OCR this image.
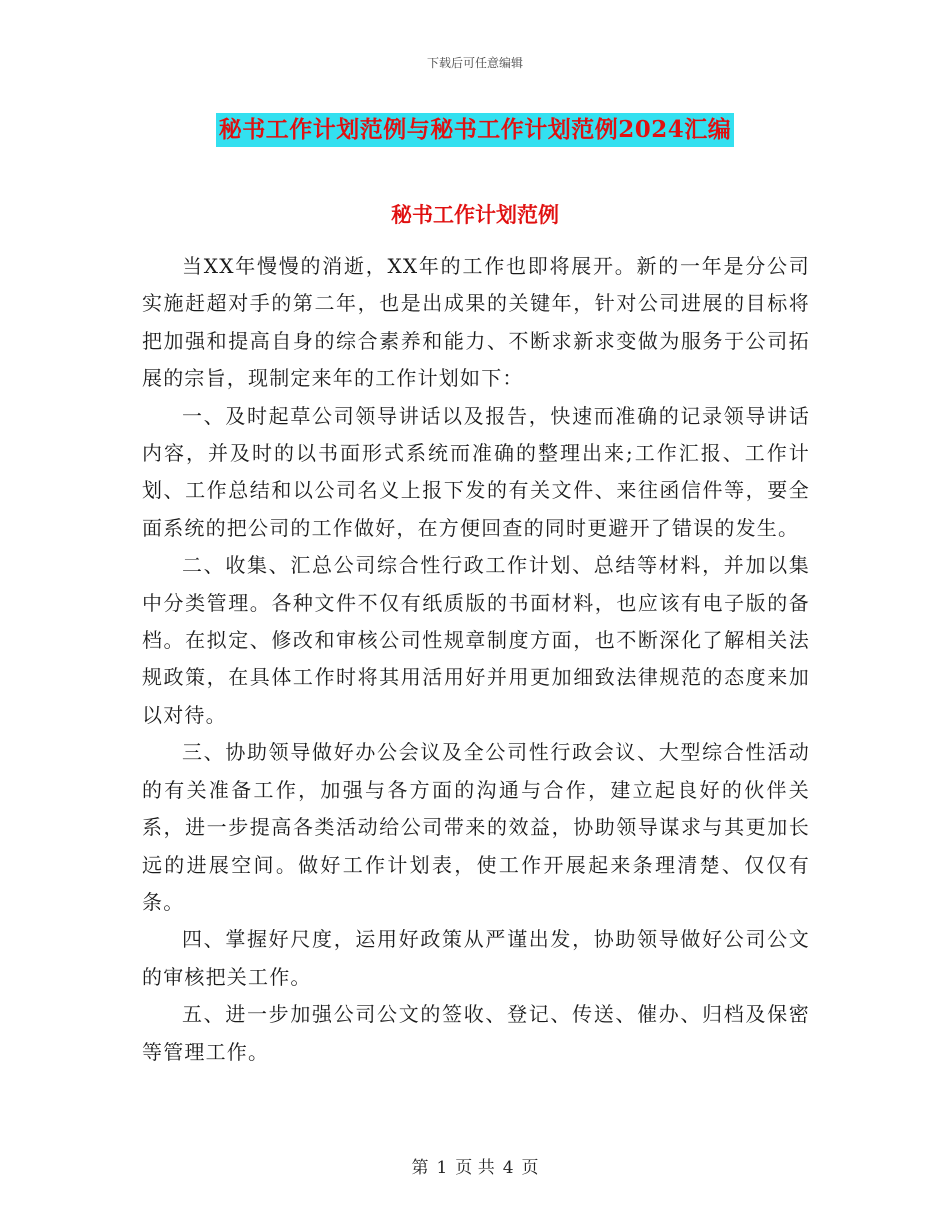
下载后可任意编辑
秘书工作计划范例与秘书工作计划范例2024汇编
秘书工作计划范例

当XX年慢慢的消逝，XX年的工作也即将展开。新的一年是分公司实施赶超对手的第二年，也是出成果的关键年，针对公司进展的目标将把加强和提高自身的综合素养和能力、不断求新求变做为服务于公司拓展的宗旨，现制定来年的工作计划如下：

一、及时起草公司领导讲话以及报告，快速而准确的记录领导讲话内容，并及时的以书面形式系统而准确的整理出来;工作汇报、工作计划、工作总结和以公司名义上报下发的有关文件、来往函信件等，要全面系统的把公司的工作做好，在方便回查的同时更避开了错误的发生。

二、收集、汇总公司综合性行政工作计划、总结等材料，并加以集中分类管理。各种文件不仅有纸质版的书面材料，也应该有电子版的备档。在拟定、修改和审核公司性规章制度方面，也不断深化了解相关法规政策，在具体工作时将其用活用好并用更加细致法律规范的态度来加以对待。

三、协助领导做好办公会议及全公司性行政会议、大型综合性活动的有关准备工作，加强与各方面的沟通与合作，建立起良好的伙伴关系，进一步提高各类活动给公司带来的效益，协助领导谋求与其更加长远的进展空间。做好工作计划表，使工作开展起来条理清楚、仅仅有条。

四、掌握好尺度，运用好政策从严谨出发，协助领导做好公司公文的审核把关工作。

五、进一步加强公司公文的签收、登记、传送、催办、归档及保密等管理工作。

第 1 页 共 4 页
